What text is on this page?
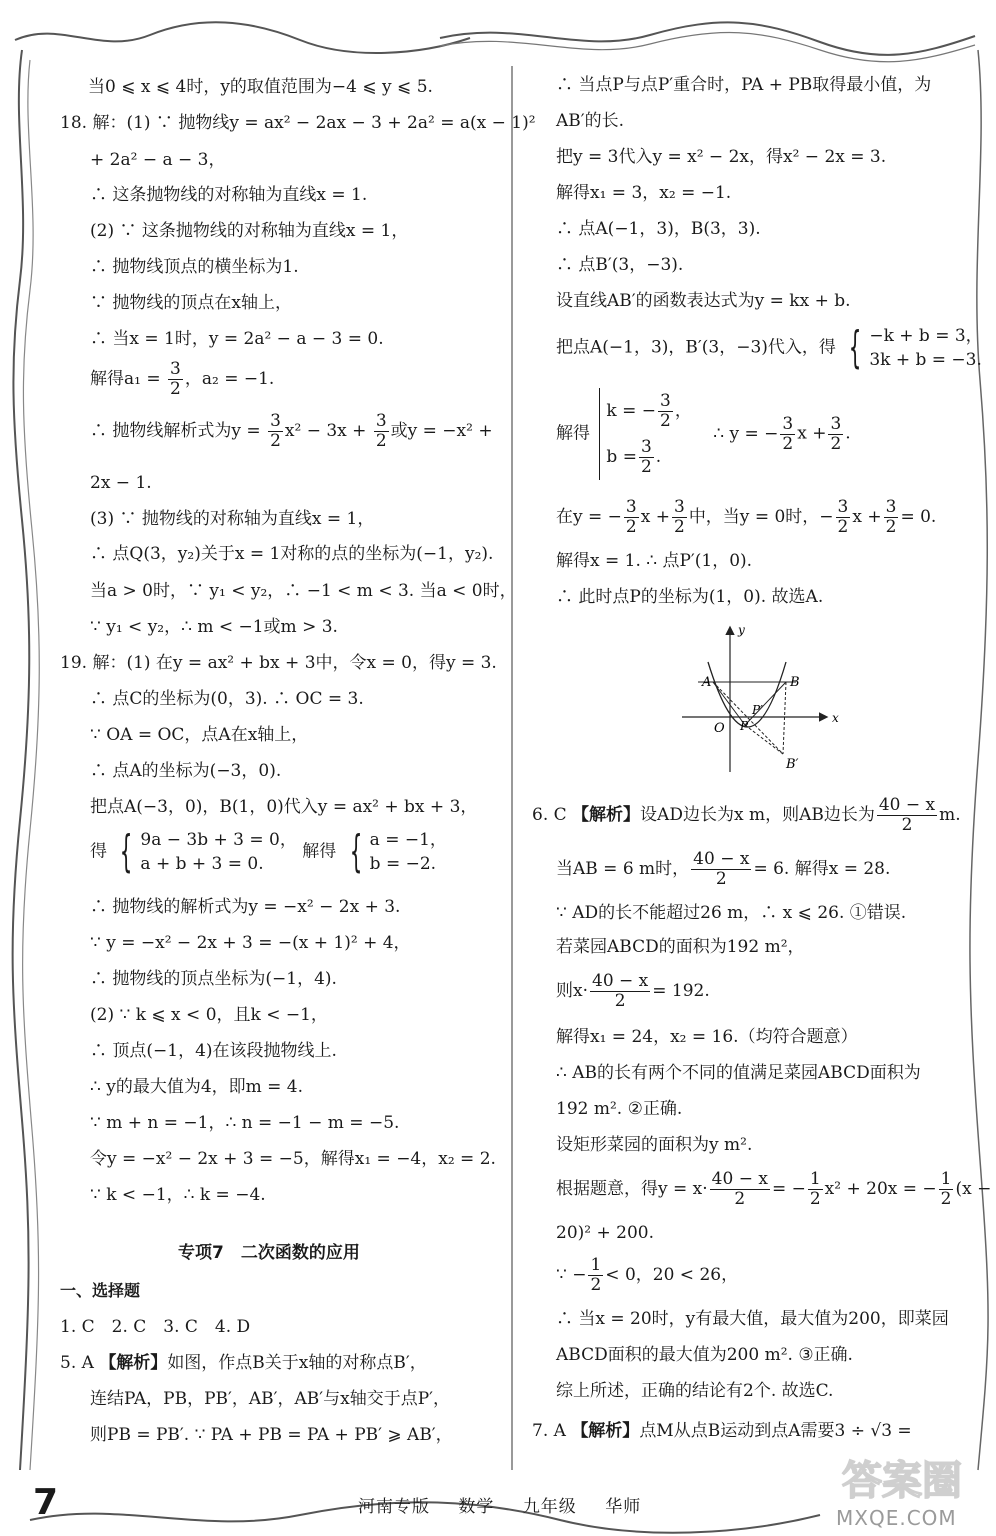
当0 ⩽ x ⩽ 4时，y的取值范围为−4 ⩽ y ⩽ 5.
18. 解：(1) ∵ 抛物线y = ax² − 2ax − 3 + 2a² = a(x − 1)²
+ 2a² − a − 3，
∴ 这条抛物线的对称轴为直线x = 1.
(2) ∵ 这条抛物线的对称轴为直线x = 1，
∴ 抛物线顶点的横坐标为1.
∵ 抛物线的顶点在x轴上，
∴ 当x = 1时，y = 2a² − a − 3 = 0.
解得$a_1 = \frac{3}{2}$ ，a₂ = −1.
∴ 抛物线解析式为$y = \frac{3}{2} x^2 - 3x + \frac{3}{2}$ 或y = −x² +
2x − 1.
(3) ∵ 抛物线的对称轴为直线x = 1，
∴ 点Q(3，y₂)关于x = 1对称的点的坐标为(−1，y₂).
当a > 0时，∵ y₁ < y₂，∴ −1 < m < 3. 当a < 0时，
∵ y₁ < y₂，∴ m < −1或m > 3.
19. 解：(1) 在y = ax² + bx + 3中，令x = 0，得y = 3.
∴ 点C的坐标为(0，3). ∴ OC = 3.
∵ OA = OC，点A在x轴上，
∴ 点A的坐标为(−3，0).
把点A(−3，0)，B(1，0)代入y = ax² + bx + 3，
得 { 9a − 3b + 3 = 0，
a + b + 3 = 0.
解得 { a = −1，
b = −2.
∴ 抛物线的解析式为y = −x² − 2x + 3.
∵ y = −x² − 2x + 3 = −(x + 1)² + 4，
∴ 抛物线的顶点坐标为(−1，4).
(2) ∵ k ⩽ x < 0，且k < −1，
∴ 顶点(−1，4)在该段抛物线上.
∴ y的最大值为4，即m = 4.
∵ m + n = −1，∴ n = −1 − m = −5.
令y = −x² − 2x + 3 = −5，解得x₁ = −4，x₂ = 2.
∵ k < −1，∴ k = −4.
专项7　二次函数的应用
一、选择题
1. C　2. C　3. C　4. D
5. A 【解析】如图，作点B关于x轴的对称点B′，
连结PA，PB，PB′，AB′，AB′与x轴交于点P′，
则PB = PB′. ∵ PA + PB = PA + PB′ ⩾ AB′，
∴ 当点P与点P′重合时，PA + PB取得最小值，为
AB′的长.
把y = 3代入y = x² − 2x，得x² − 2x = 3.
解得x₁ = 3，x₂ = −1.
∴ 点A(−1，3)，B(3，3).
∴ 点B′(3，−3).
设直线AB′的函数表达式为y = kx + b.
把点A(−1，3)，B′(3，−3)代入，得 { −k + b = 3，
3k + b = −3.
解得
k = − $\frac{3}{2}$ ，
$b = \frac{3}{2}$ .
∴ y = − $\frac{3}{2}$ $x + \frac{3}{2}$ .
在y = − $\frac{3}{2}$ $x + \frac{3}{2}$ 中，当y = 0时，− $\frac{3}{2}$ $x + \frac{3}{2} = 0$.
解得x = 1. ∴ 点P′(1，0).
∴ 此时点P的坐标为(1，0). 故选A.
6. C 【解析】设AD边长为x m，则AB边长为 $\frac{40 - x}{2} m$.
当AB = 6 m时， $\frac{40 - x}{2} = 6$. 解得x = 28.
∵ AD的长不能超过26 m，∴ x ⩽ 26. ①错误.
若菜园ABCD的面积为192 m²，
则$x\cdot \frac{40 - x}{2} = 192$.
解得x₁ = 24，x₂ = 16.（均符合题意）
∴ AB的长有两个不同的值满足菜园ABCD面积为
192 m². ②正确.
设矩形菜园的面积为y m².
根据题意，得$y = x\cdot \frac{40 - x}{2}$ = − $\frac{1}{2} x^2 + 20x$ = − $\frac{1}{2} (x$ −
20)² + 200.
∵ − $\frac{1}{2} < 0$，20 < 26，
∴ 当x = 20时，y有最大值，最大值为200，即菜园
ABCD面积的最大值为200 m². ③正确.
综上所述，正确的结论有2个. 故选C.
7. A 【解析】点M从点B运动到点A需要3 ÷ √3 =
y
x
A	B
O P
P′
B′
7	河南专版 数学 九年级 华师
答案圈
MXQE.COM
